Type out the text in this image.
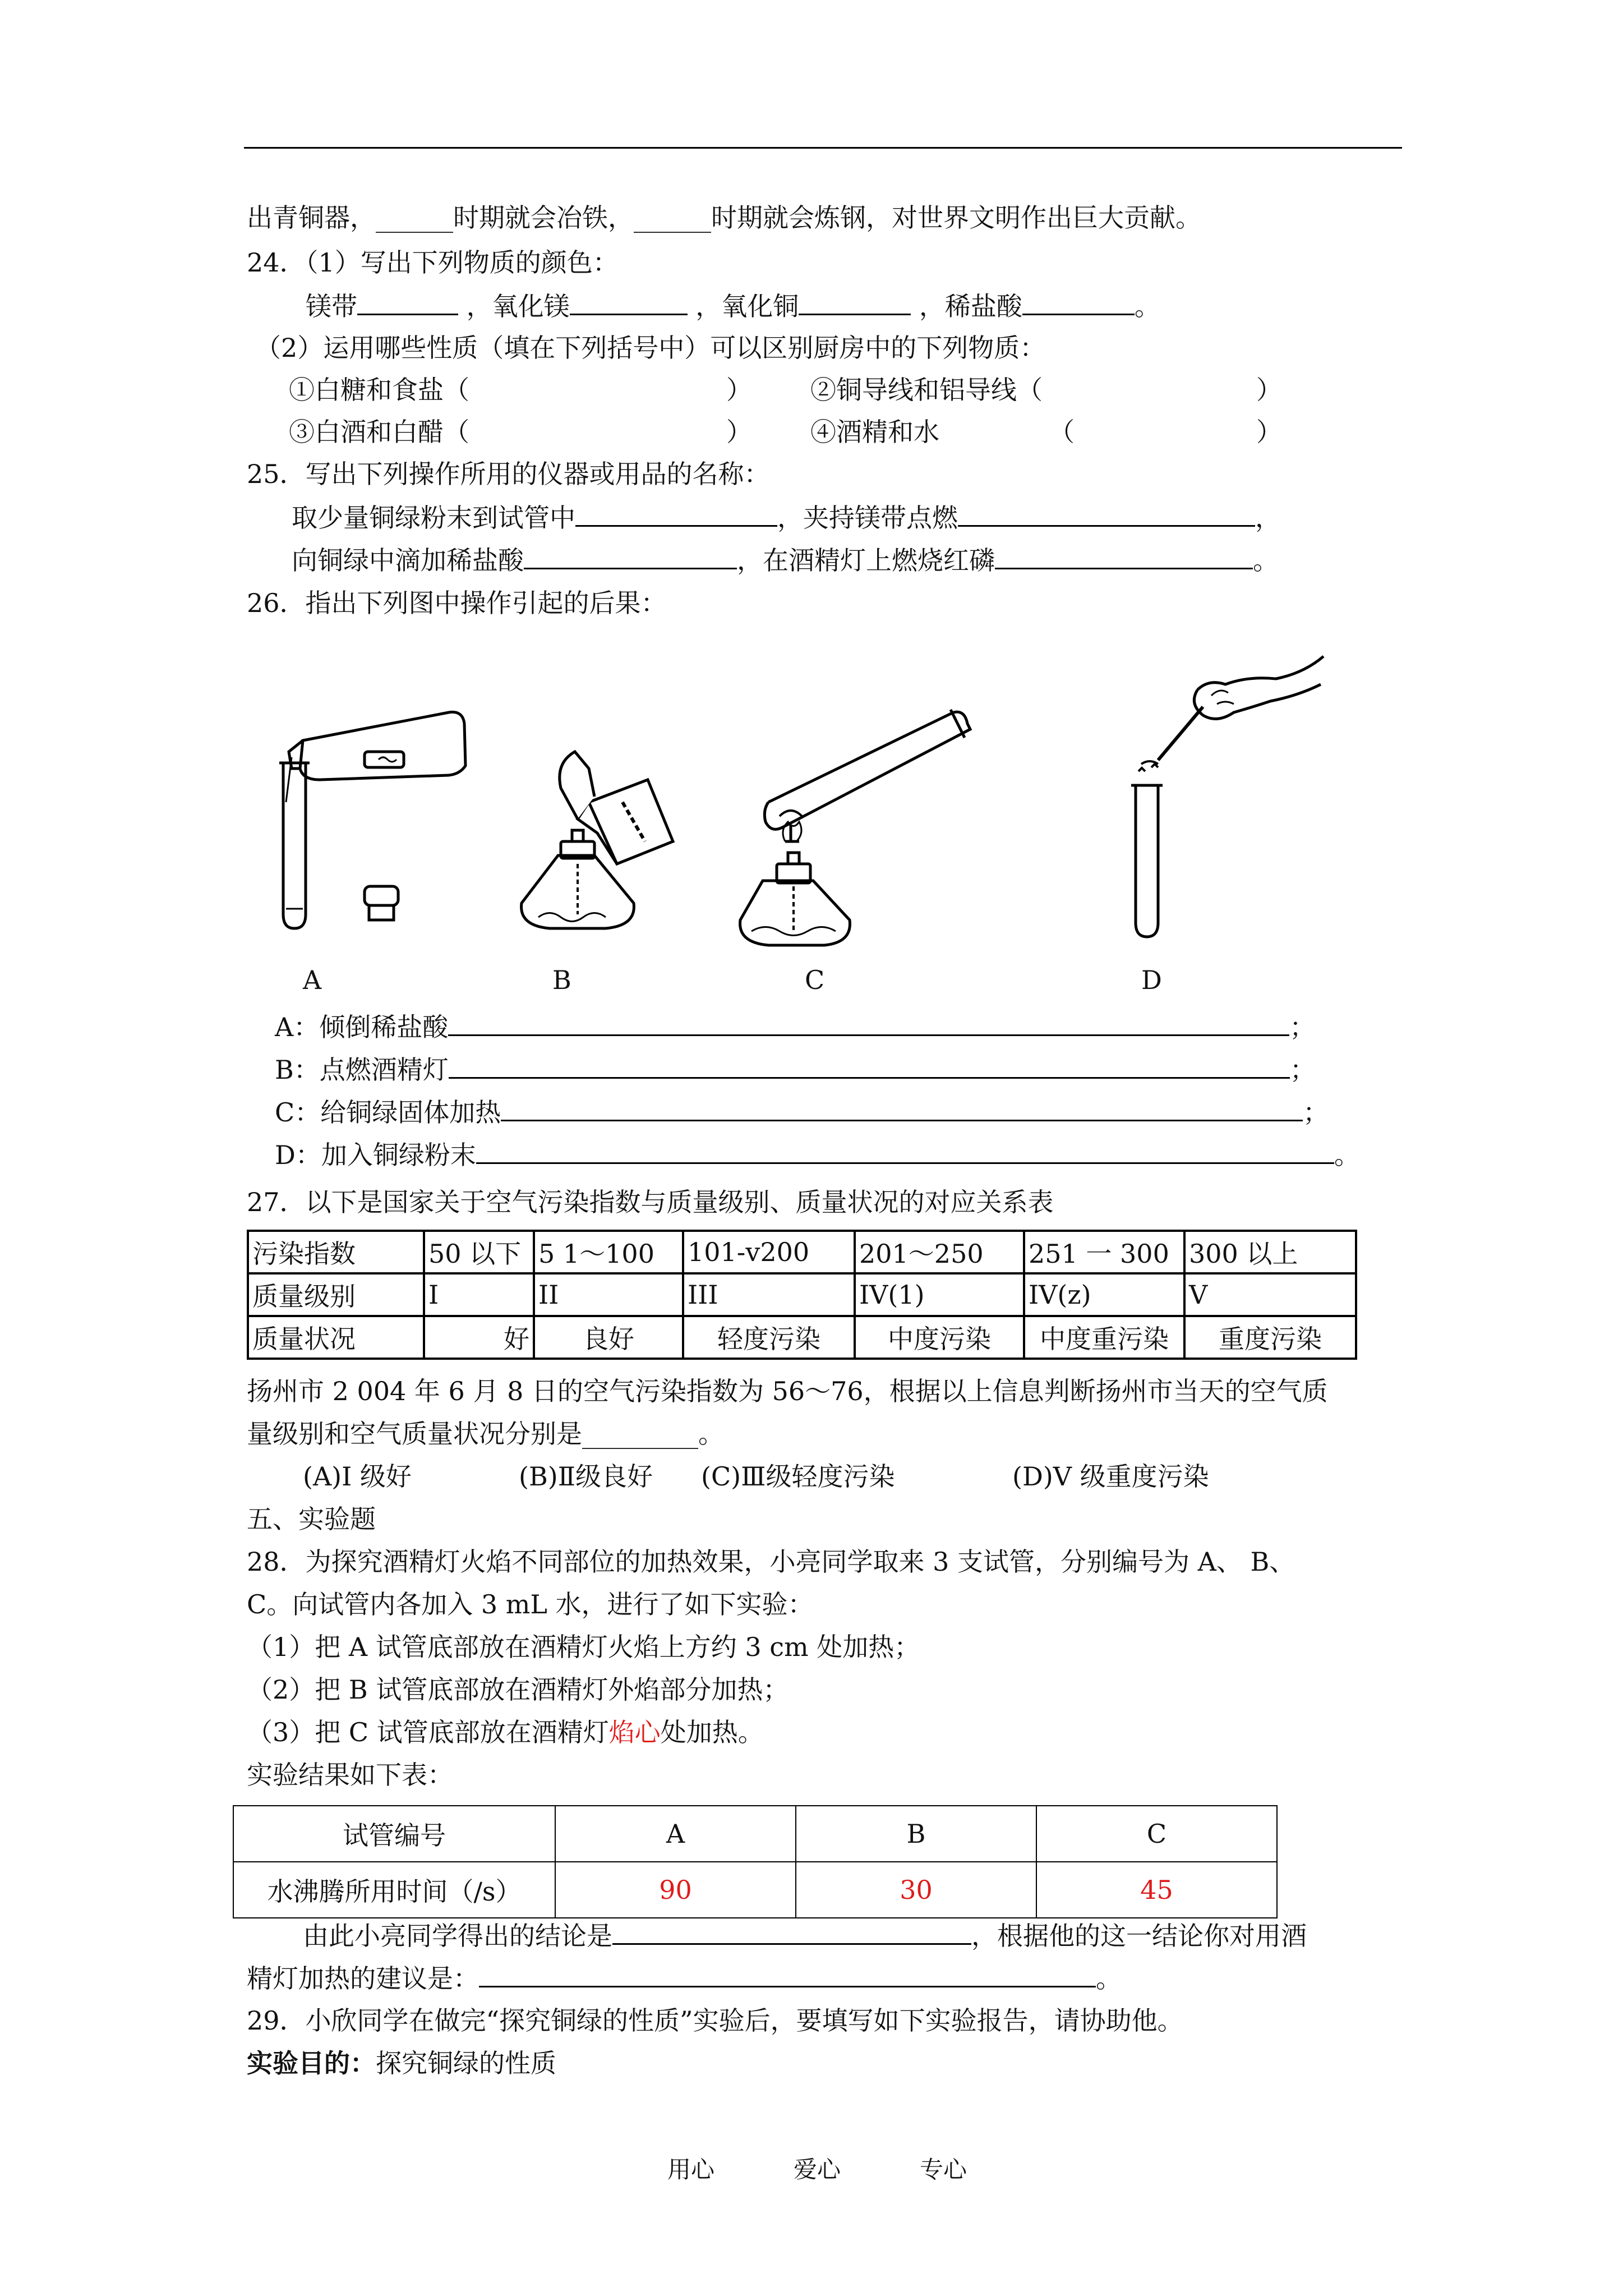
出青铜器，______时期就会冶铁，______时期就会炼钢，对世界文明作出巨大贡献。
24．（1）写出下列物质的颜色：
镁带	，氧化镁	，氧化铜	，稀盐酸	。
（2）运用哪些性质（填在下列括号中）可以区别厨房中的下列物质：
①白糖和食盐（	） ②铜导线和铝导线（	）
③白酒和白醋（	） ④酒精和水	（	）
25．写出下列操作所用的仪器或用品的名称：
取少量铜绿粉末到试管中	，夹持镁带点燃	，
向铜绿中滴加稀盐酸	，在酒精灯上燃烧红磷	。
26．指出下列图中操作引起的后果：
A	B	C	D
A：倾倒稀盐酸	；
B：点燃酒精灯	；
C：给铜绿固体加热	；
D：加入铜绿粉末	。
27．以下是国家关于空气污染指数与质量级别、质量状况的对应关系表
污染指数	50 以下	5 1～100	101-v200	201～250	251 一 300	300 以上
质量级别	I	II	III	IV(1)	IV(z)	V
质量状况	好	良好	轻度污染	中度污染	中度重污染	重度污染
扬州市 2 004 年 6 月 8 日的空气污染指数为 56～76，根据以上信息判断扬州市当天的空气质
量级别和空气质量状况分别是_________。
(A)I 级好	(B)Ⅱ级良好 (C)Ⅲ级轻度污染	(D)V 级重度污染
五、实验题
28．为探究酒精灯火焰不同部位的加热效果，小亮同学取来 3 支试管，分别编号为 A、 B、
C。向试管内各加入 3 mL 水，进行了如下实验：
（1）把 A 试管底部放在酒精灯火焰上方约 3 cm 处加热；
（2）把 B 试管底部放在酒精灯外焰部分加热；
（3）把 C 试管底部放在酒精灯焰心处加热。
实验结果如下表：
试管编号	A	B	C
水沸腾所用时间（/s）	90	30	45
由此小亮同学得出的结论是	，根据他的这一结论你对用酒
精灯加热的建议是：	。
29．小欣同学在做完“探究铜绿的性质”实验后，要填写如下实验报告，请协助他。
实验目的：探究铜绿的性质
用心	爱心	专心
